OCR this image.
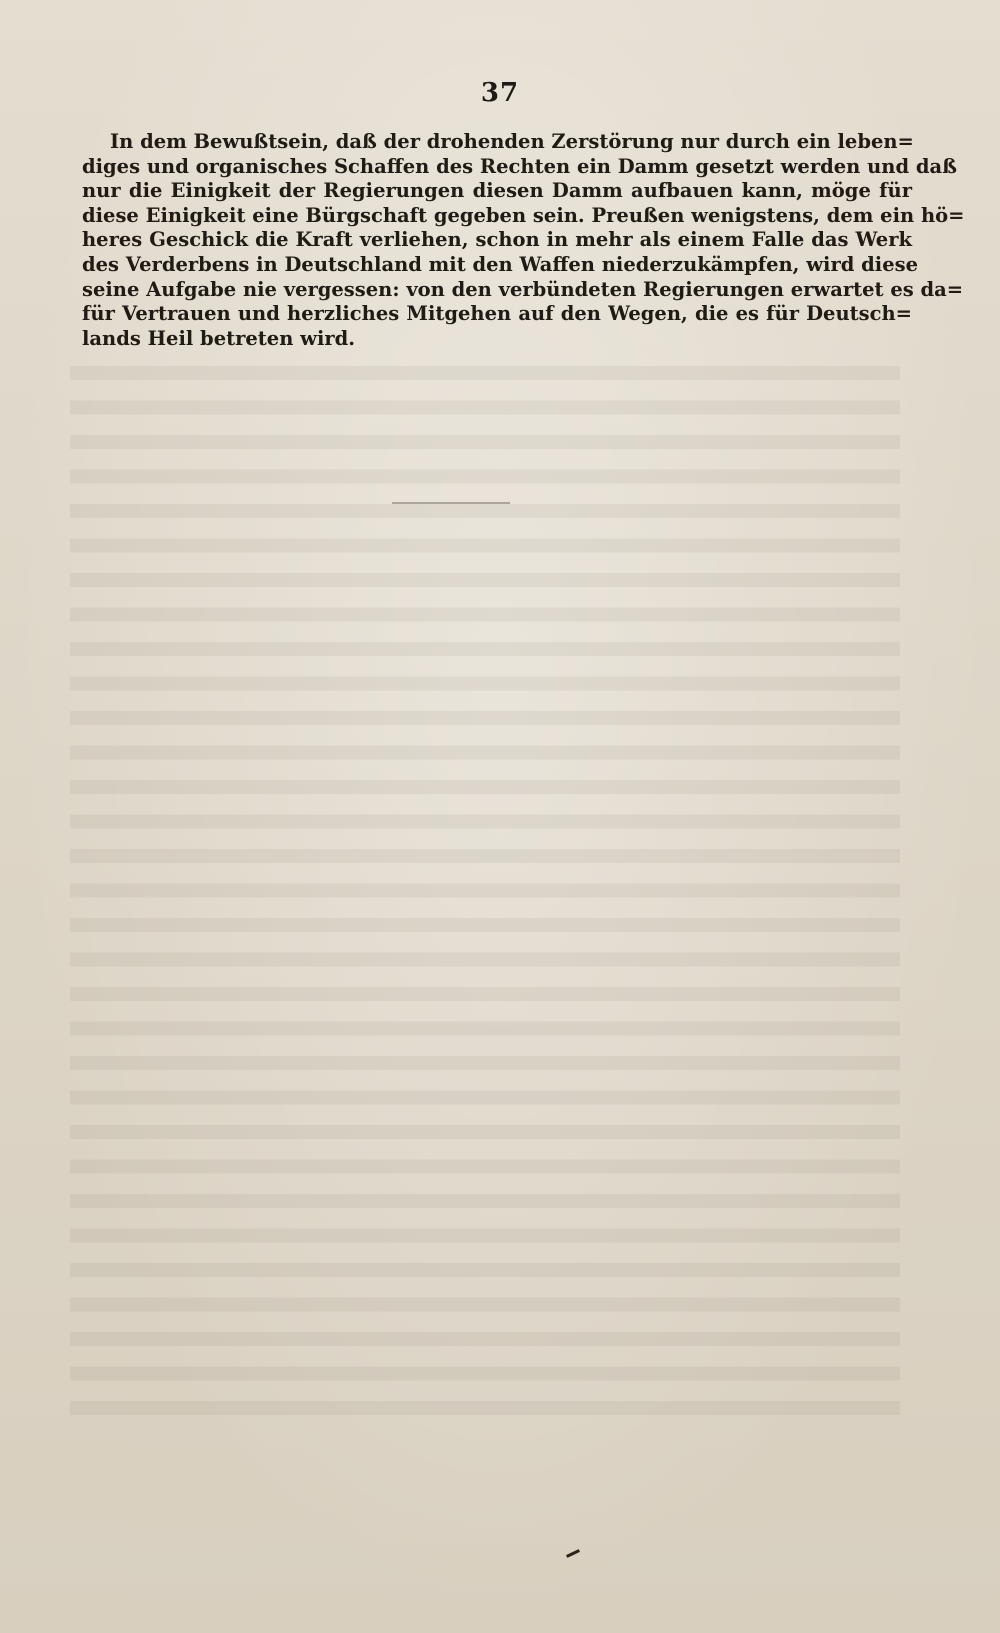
37
In dem Bewußtsein, daß der drohenden Zerstörung nur durch ein leben=
diges und organisches Schaffen des Rechten ein Damm gesetzt werden und daß
nur die Einigkeit der Regierungen diesen Damm aufbauen kann, möge für
diese Einigkeit eine Bürgschaft gegeben sein. Preußen wenigstens, dem ein hö=
heres Geschick die Kraft verliehen, schon in mehr als einem Falle das Werk
des Verderbens in Deutschland mit den Waffen niederzukämpfen, wird diese
seine Aufgabe nie vergessen: von den verbündeten Regierungen erwartet es da=
für Vertrauen und herzliches Mitgehen auf den Wegen, die es für Deutsch=
lands Heil betreten wird.
